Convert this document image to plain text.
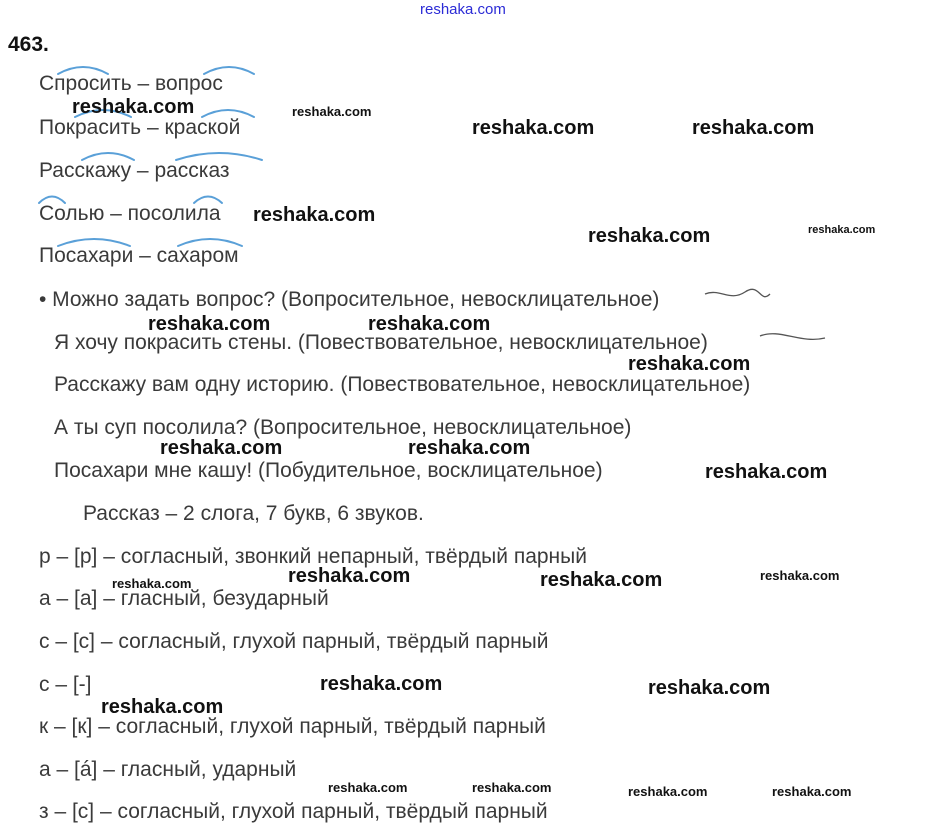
reshaka.com
463.
Спросить – вопрос
Покрасить – краской
Расскажу – рассказ
Солью – посолила
Посахари – сахаром
• Можно задать вопрос? (Вопросительное, невосклицательное)
Я хочу покрасить стены. (Повествовательное, невосклицательное)
Расскажу вам одну историю. (Повествовательное, невосклицательное)
А ты суп посолила? (Вопросительное, невосклицательное)
Посахари мне кашу! (Побудительное, восклицательное)
Рассказ – 2 слога, 7 букв, 6 звуков.
р – [р] – согласный, звонкий непарный, твёрдый парный
а – [а] – гласный, безударный
с – [с] – согласный, глухой парный, твёрдый парный
с – [-]
к – [к] – согласный, глухой парный, твёрдый парный
а – [á] – гласный, ударный
з – [с] – согласный, глухой парный, твёрдый парный
reshaka.com	reshaka.com
reshaka.com	reshaka.com
reshaka.com
reshaka.com	reshaka.com
reshaka.com	reshaka.com
reshaka.com
reshaka.com	reshaka.com
reshaka.com
reshaka.com	reshaka.com	reshaka.com	reshaka.com
reshaka.com	reshaka.com
reshaka.com
reshaka.com	reshaka.com	reshaka.com	reshaka.com
